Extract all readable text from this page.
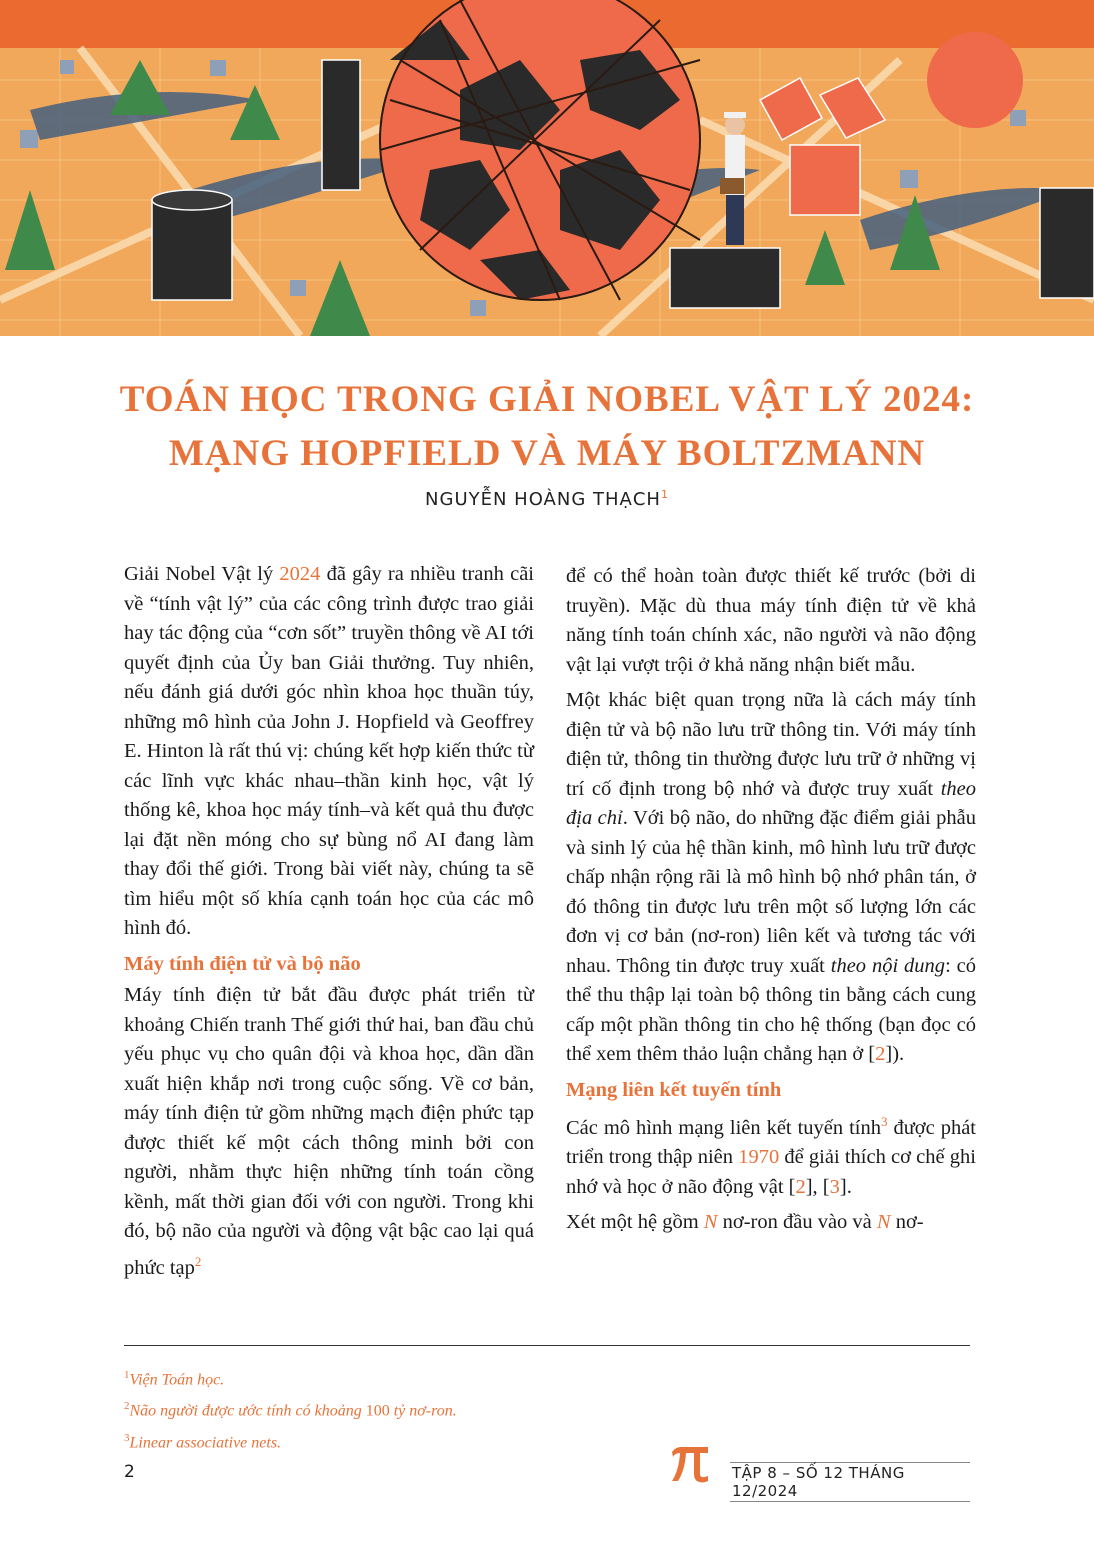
TOÁN HỌC TRONG GIẢI NOBEL VẬT LÝ 2024:
MẠNG HOPFIELD VÀ MÁY BOLTZMANN
NGUYỄN HOÀNG THẠCH$^1$

Giải Nobel Vật lý 2024 đã gây ra nhiều tranh cãi về “tính vật lý” của các công trình được trao giải hay tác động của “cơn sốt” truyền thông về AI tới quyết định của Ủy ban Giải thưởng. Tuy nhiên, nếu đánh giá dưới góc nhìn khoa học thuần túy, những mô hình của John J. Hopfield và Geoffrey E. Hinton là rất thú vị: chúng kết hợp kiến thức từ các lĩnh vực khác nhau–thần kinh học, vật lý thống kê, khoa học máy tính–và kết quả thu được lại đặt nền móng cho sự bùng nổ AI đang làm thay đổi thế giới. Trong bài viết này, chúng ta sẽ tìm hiểu một số khía cạnh toán học của các mô hình đó.

Máy tính điện tử và bộ não

Máy tính điện tử bắt đầu được phát triển từ khoảng Chiến tranh Thế giới thứ hai, ban đầu chủ yếu phục vụ cho quân đội và khoa học, dần dần xuất hiện khắp nơi trong cuộc sống. Về cơ bản, máy tính điện tử gồm những mạch điện phức tạp được thiết kế một cách thông minh bởi con người, nhằm thực hiện những tính toán cồng kềnh, mất thời gian đối với con người. Trong khi đó, bộ não của người và động vật bậc cao lại quá phức tạp$^2$

để có thể hoàn toàn được thiết kế trước (bởi di truyền). Mặc dù thua máy tính điện tử về khả năng tính toán chính xác, não người và não động vật lại vượt trội ở khả năng nhận biết mẫu.

Một khác biệt quan trọng nữa là cách máy tính điện tử và bộ não lưu trữ thông tin. Với máy tính điện tử, thông tin thường được lưu trữ ở những vị trí cố định trong bộ nhớ và được truy xuất theo địa chỉ. Với bộ não, do những đặc điểm giải phẫu và sinh lý của hệ thần kinh, mô hình lưu trữ được chấp nhận rộng rãi là mô hình bộ nhớ phân tán, ở đó thông tin được lưu trên một số lượng lớn các đơn vị cơ bản (nơ-ron) liên kết và tương tác với nhau. Thông tin được truy xuất theo nội dung: có thể thu thập lại toàn bộ thông tin bằng cách cung cấp một phần thông tin cho hệ thống (bạn đọc có thể xem thêm thảo luận chẳng hạn ở [2]).

Mạng liên kết tuyến tính

Các mô hình mạng liên kết tuyến tính$^3$ được phát triển trong thập niên 1970 để giải thích cơ chế ghi nhớ và học ở não động vật [2], [3].

Xét một hệ gồm N nơ-ron đầu vào và N nơ-

$^1$Viện Toán học.
$^2$Não người được ước tính có khoảng 100 tỷ nơ-ron.
$^3$Linear associative nets.
2	TẬP 8 – SỐ 12 THÁNG 12/2024
